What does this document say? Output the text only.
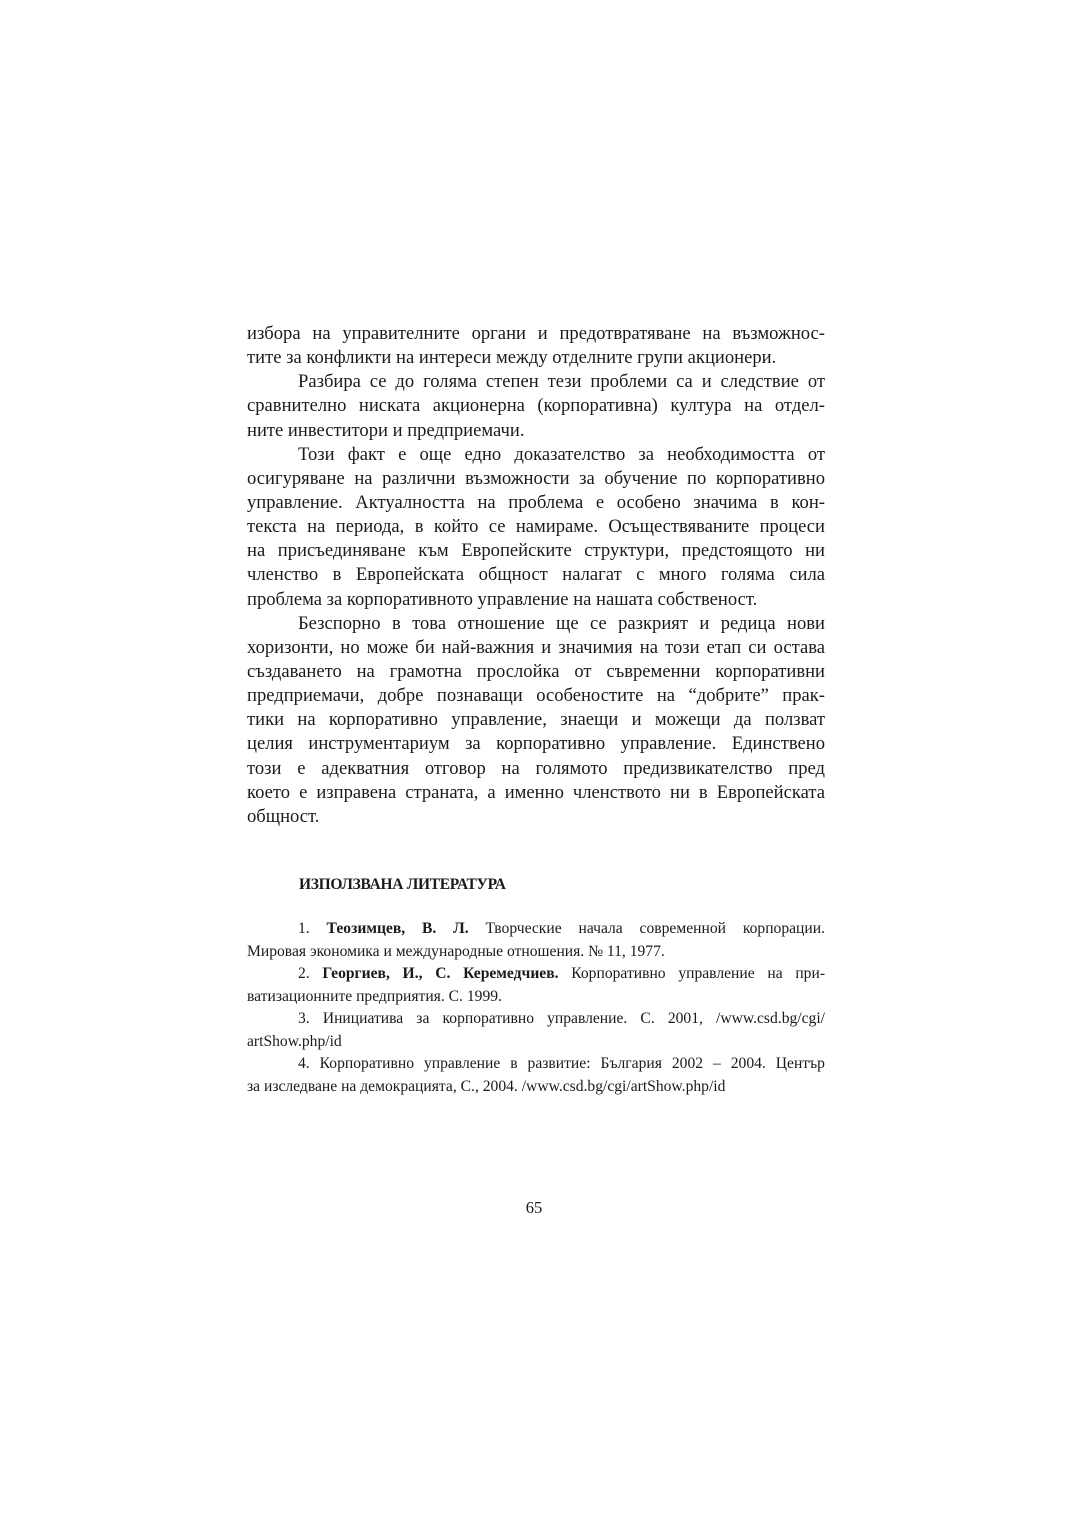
избора на управителните органи и предотвратяване на възможнос-
тите за конфликти на интереси между отделните групи акционери.
Разбира се до голяма степен тези проблеми са и следствие от
сравнително ниската акционерна (корпоративна) култура на отдел-
ните инвеститори и предприемачи.
Този факт е още едно доказателство за необходимостта от
осигуряване на различни възможности за обучение по корпоративно
управление. Актуалността на проблема е особено значима в кон-
текста на периода, в който се намираме. Осъществяваните процеси
на присъединяване към Европейските структури, предстоящото ни
членство в Европейската общност налагат с много голяма сила
проблема за корпоративното управление на нашата собственост.
Безспорно в това отношение ще се разкрият и редица нови
хоризонти, но може би най-важния и значимия на този етап си остава
създаването на грамотна прослойка от съвременни корпоративни
предприемачи, добре познаващи особеностите на “добрите” прак-
тики на корпоративно управление, знаещи и можещи да ползват
целия инструментариум за корпоративно управление. Единствено
този е адекватния отговор на голямото предизвикателство пред
което е изправена страната, а именно членството ни в Европейската
общност.
ИЗПОЛЗВАНА ЛИТЕРАТУРА
1. Теозимцев, В. Л. Творческие начала современной корпорации.
Мировая экономика и международные отношения. № 11, 1977.
2. Георгиев, И., С. Керемедчиев. Корпоративно управление на при-
ватизационните предприятия. С. 1999.
3. Инициатива за корпоративно управление. С. 2001, /www.csd.bg/cgi/
artShow.php/id
4. Корпоративно управление в развитие: България 2002 – 2004. Център
за изследване на демокрацията, С., 2004. /www.csd.bg/cgi/artShow.php/id
65
